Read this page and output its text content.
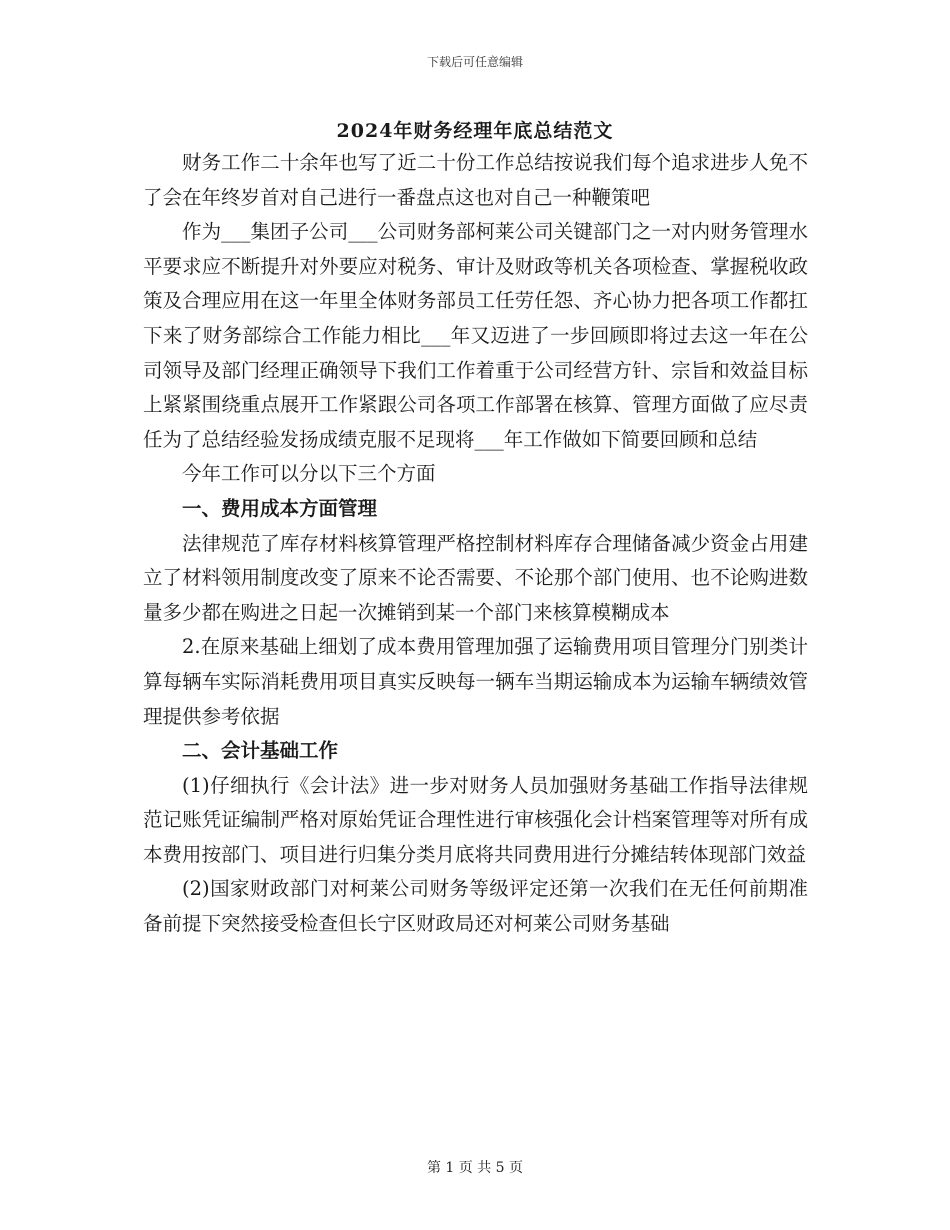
下载后可任意编辑
2024年财务经理年底总结范文

财务工作二十余年也写了近二十份工作总结按说我们每个追求进步人免不了会在年终岁首对自己进行一番盘点这也对自己一种鞭策吧

作为___集团子公司___公司财务部柯莱公司关键部门之一对内财务管理水平要求应不断提升对外要应对税务、审计及财政等机关各项检查、掌握税收政策及合理应用在这一年里全体财务部员工任劳任怨、齐心协力把各项工作都扛下来了财务部综合工作能力相比___年又迈进了一步回顾即将过去这一年在公司领导及部门经理正确领导下我们工作着重于公司经营方针、宗旨和效益目标上紧紧围绕重点展开工作紧跟公司各项工作部署在核算、管理方面做了应尽责任为了总结经验发扬成绩克服不足现将___年工作做如下简要回顾和总结

今年工作可以分以下三个方面

一、费用成本方面管理

法律规范了库存材料核算管理严格控制材料库存合理储备减少资金占用建立了材料领用制度改变了原来不论否需要、不论那个部门使用、也不论购进数量多少都在购进之日起一次摊销到某一个部门来核算模糊成本

2.在原来基础上细划了成本费用管理加强了运输费用项目管理分门别类计算每辆车实际消耗费用项目真实反映每一辆车当期运输成本为运输车辆绩效管理提供参考依据

二、会计基础工作

(1)仔细执行《会计法》进一步对财务人员加强财务基础工作指导法律规范记账凭证编制严格对原始凭证合理性进行审核强化会计档案管理等对所有成本费用按部门、项目进行归集分类月底将共同费用进行分摊结转体现部门效益

(2)国家财政部门对柯莱公司财务等级评定还第一次我们在无任何前期准备前提下突然接受检查但长宁区财政局还对柯莱公司财务基础

第 1 页 共 5 页
